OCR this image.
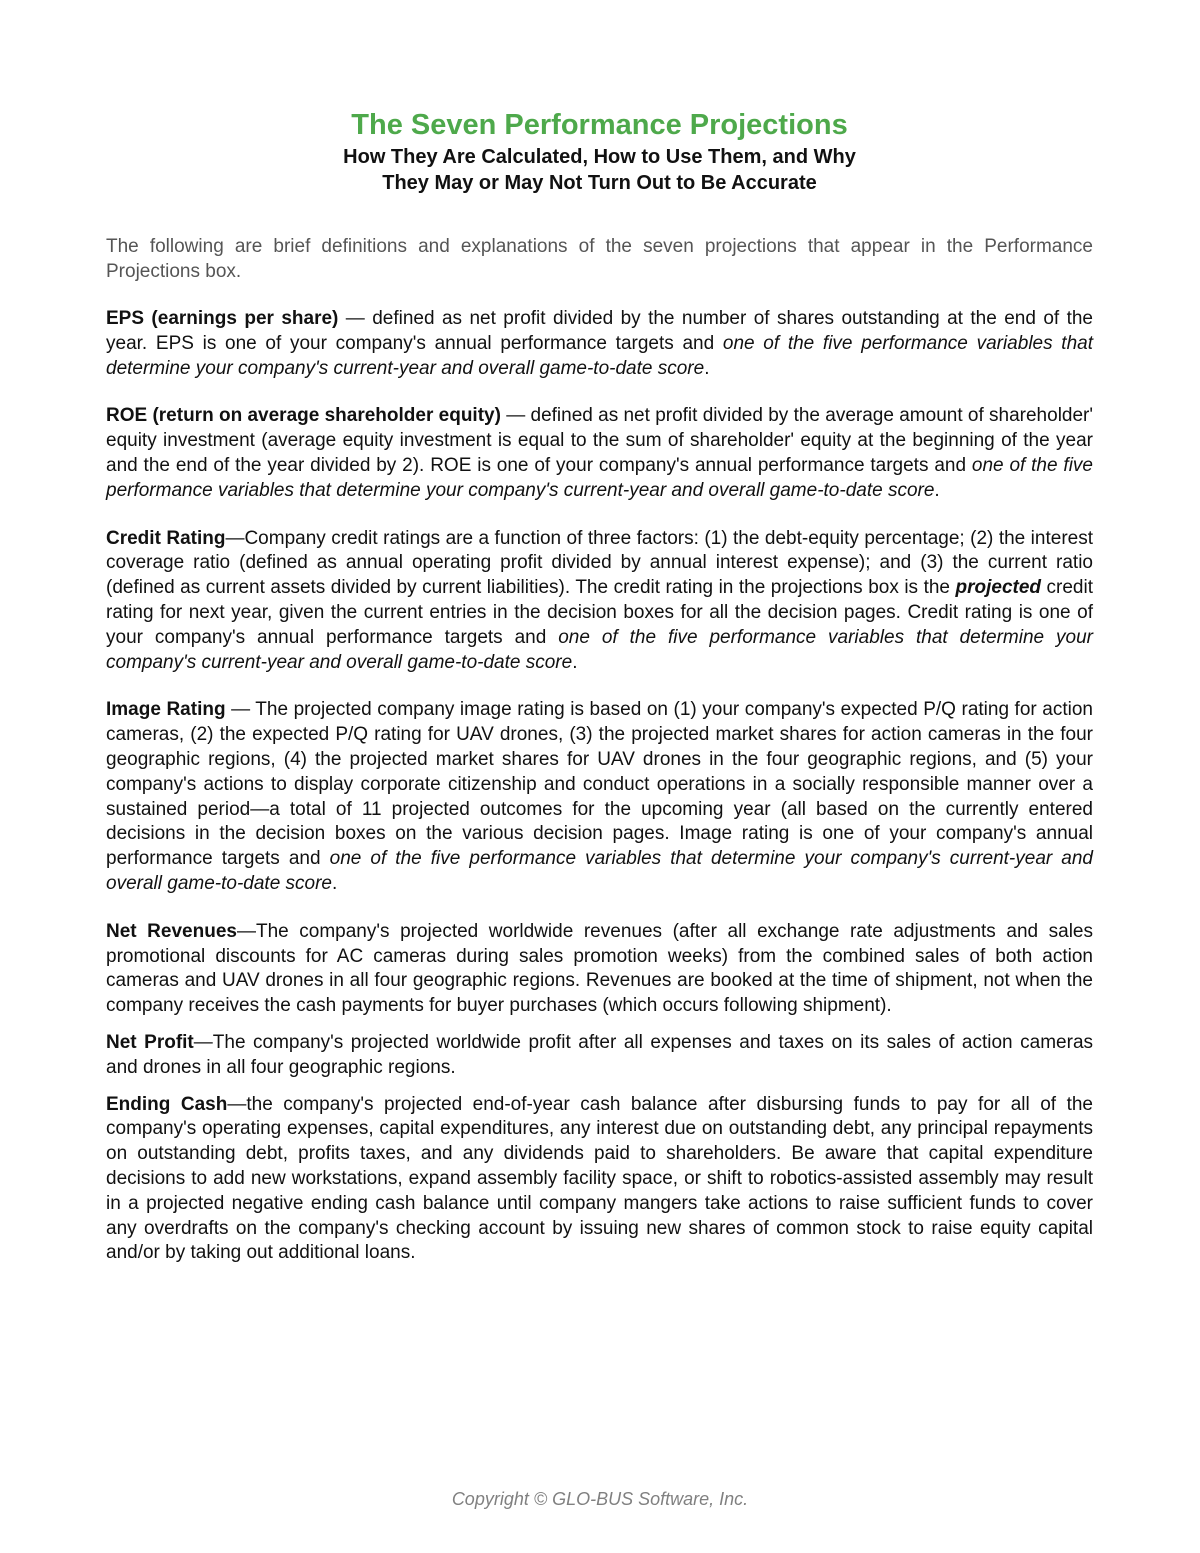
The Seven Performance Projections
How They Are Calculated, How to Use Them, and Why
They May or May Not Turn Out to Be Accurate

The following are brief definitions and explanations of the seven projections that appear in the Performance Projections box.

EPS (earnings per share) — defined as net profit divided by the number of shares outstanding at the end of the year. EPS is one of your company's annual performance targets and one of the five performance variables that determine your company's current-year and overall game-to-date score.

ROE (return on average shareholder equity) — defined as net profit divided by the average amount of shareholder' equity investment (average equity investment is equal to the sum of shareholder' equity at the beginning of the year and the end of the year divided by 2). ROE is one of your company's annual performance targets and one of the five performance variables that determine your company's current-year and overall game-to-date score.

Credit Rating—Company credit ratings are a function of three factors: (1) the debt-equity percentage; (2) the interest coverage ratio (defined as annual operating profit divided by annual interest expense); and (3) the current ratio (defined as current assets divided by current liabilities). The credit rating in the projections box is the projected credit rating for next year, given the current entries in the decision boxes for all the decision pages. Credit rating is one of your company's annual performance targets and one of the five performance variables that determine your company's current-year and overall game-to-date score.

Image Rating — The projected company image rating is based on (1) your company's expected P/Q rating for action cameras, (2) the expected P/Q rating for UAV drones, (3) the projected market shares for action cameras in the four geographic regions, (4) the projected market shares for UAV drones in the four geographic regions, and (5) your company's actions to display corporate citizenship and conduct operations in a socially responsible manner over a sustained period—a total of 11 projected outcomes for the upcoming year (all based on the currently entered decisions in the decision boxes on the various decision pages. Image rating is one of your company's annual performance targets and one of the five performance variables that determine your company's current-year and overall game-to-date score.

Net Revenues—The company's projected worldwide revenues (after all exchange rate adjustments and sales promotional discounts for AC cameras during sales promotion weeks) from the combined sales of both action cameras and UAV drones in all four geographic regions. Revenues are booked at the time of shipment, not when the company receives the cash payments for buyer purchases (which occurs following shipment).

Net Profit—The company's projected worldwide profit after all expenses and taxes on its sales of action cameras and drones in all four geographic regions.

Ending Cash—the company's projected end-of-year cash balance after disbursing funds to pay for all of the company's operating expenses, capital expenditures, any interest due on outstanding debt, any principal repayments on outstanding debt, profits taxes, and any dividends paid to shareholders. Be aware that capital expenditure decisions to add new workstations, expand assembly facility space, or shift to robotics-assisted assembly may result in a projected negative ending cash balance until company mangers take actions to raise sufficient funds to cover any overdrafts on the company's checking account by issuing new shares of common stock to raise equity capital and/or by taking out additional loans.

Copyright © GLO-BUS Software, Inc.
